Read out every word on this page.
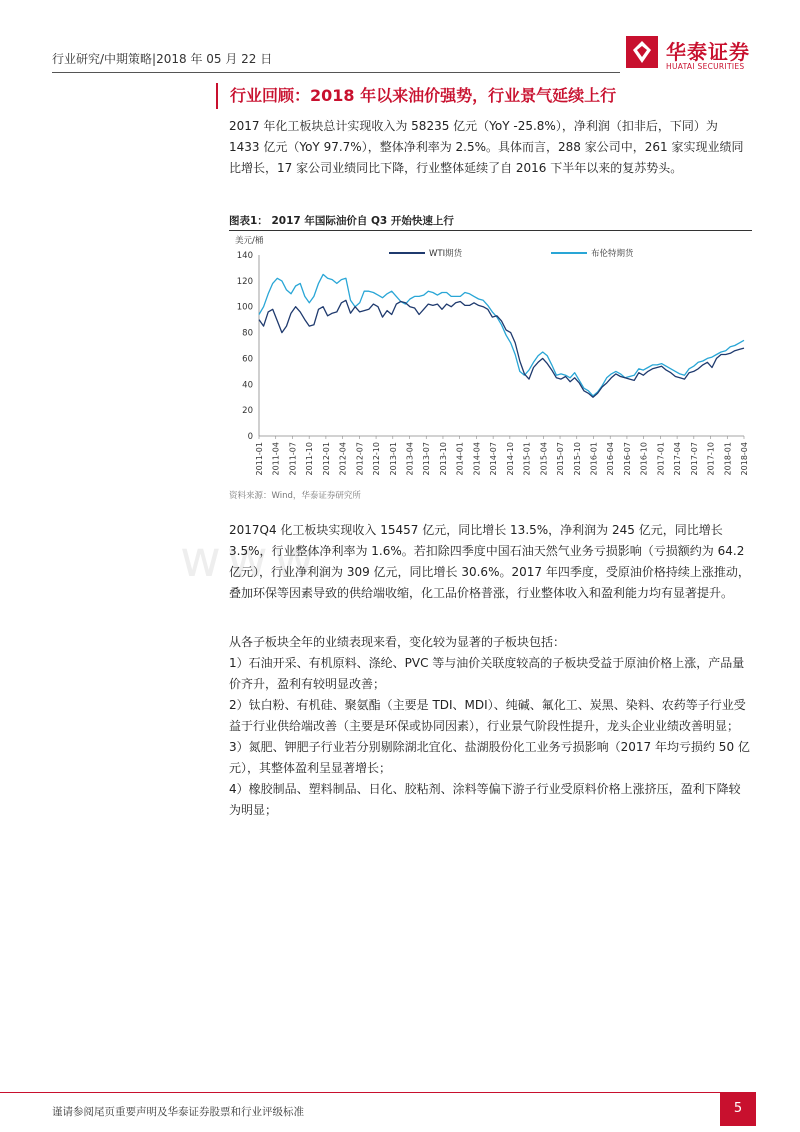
行业研究/中期策略|2018 年 05 月 22 日	华泰证券
HUATAI SECURITIES
行业回顾：2018 年以来油价强势，行业景气延续上行

2017 年化工板块总计实现收入为 58235 亿元（YoY -25.8%），净利润（扣非后，下同）为 1433 亿元（YoY 97.7%），整体净利率为 2.5%。具体而言，288 家公司中，261 家实现业绩同比增长，17 家公司业绩同比下降，行业整体延续了自 2016 下半年以来的复苏势头。

图表1： 2017 年国际油价自 Q3 开始快速上行
美元/桶
0
20
40
60
80
100
120
140
2011-01 2011-04 2011-07 2011-10 2012-01 2012-04 2012-07 2012-10 2013-01 2013-04 2013-07 2013-10 2014-01 2014-04 2014-07 2014-10 2015-01 2015-04 2015-07 2015-10 2016-01 2016-04 2016-07 2016-10 2017-01 2017-04 2017-07 2017-10 2018-01 2018-04
WTI期货	布伦特期货
资料来源：Wind，华泰证券研究所
www.

2017Q4 化工板块实现收入 15457 亿元，同比增长 13.5%，净利润为 245 亿元，同比增长 3.5%，行业整体净利率为 1.6%。若扣除四季度中国石油天然气业务亏损影响（亏损额约为 64.2 亿元），行业净利润为 309 亿元，同比增长 30.6%。2017 年四季度，受原油价格持续上涨推动，叠加环保等因素导致的供给端收缩，化工品价格普涨，行业整体收入和盈利能力均有显著提升。

从各子板块全年的业绩表现来看，变化较为显著的子板块包括：

1）石油开采、有机原料、涤纶、PVC 等与油价关联度较高的子板块受益于原油价格上涨，产品量价齐升，盈利有较明显改善；

2）钛白粉、有机硅、聚氨酯（主要是 TDI、MDI）、纯碱、氟化工、炭黑、染料、农药等子行业受益于行业供给端改善（主要是环保或协同因素），行业景气阶段性提升，龙头企业业绩改善明显；

3）氮肥、钾肥子行业若分别剔除湖北宜化、盐湖股份化工业务亏损影响（2017 年均亏损约 50 亿元），其整体盈利呈显著增长；

4）橡胶制品、塑料制品、日化、胶粘剂、涂料等偏下游子行业受原料价格上涨挤压，盈利下降较为明显；

谨请参阅尾页重要声明及华泰证券股票和行业评级标准	5
